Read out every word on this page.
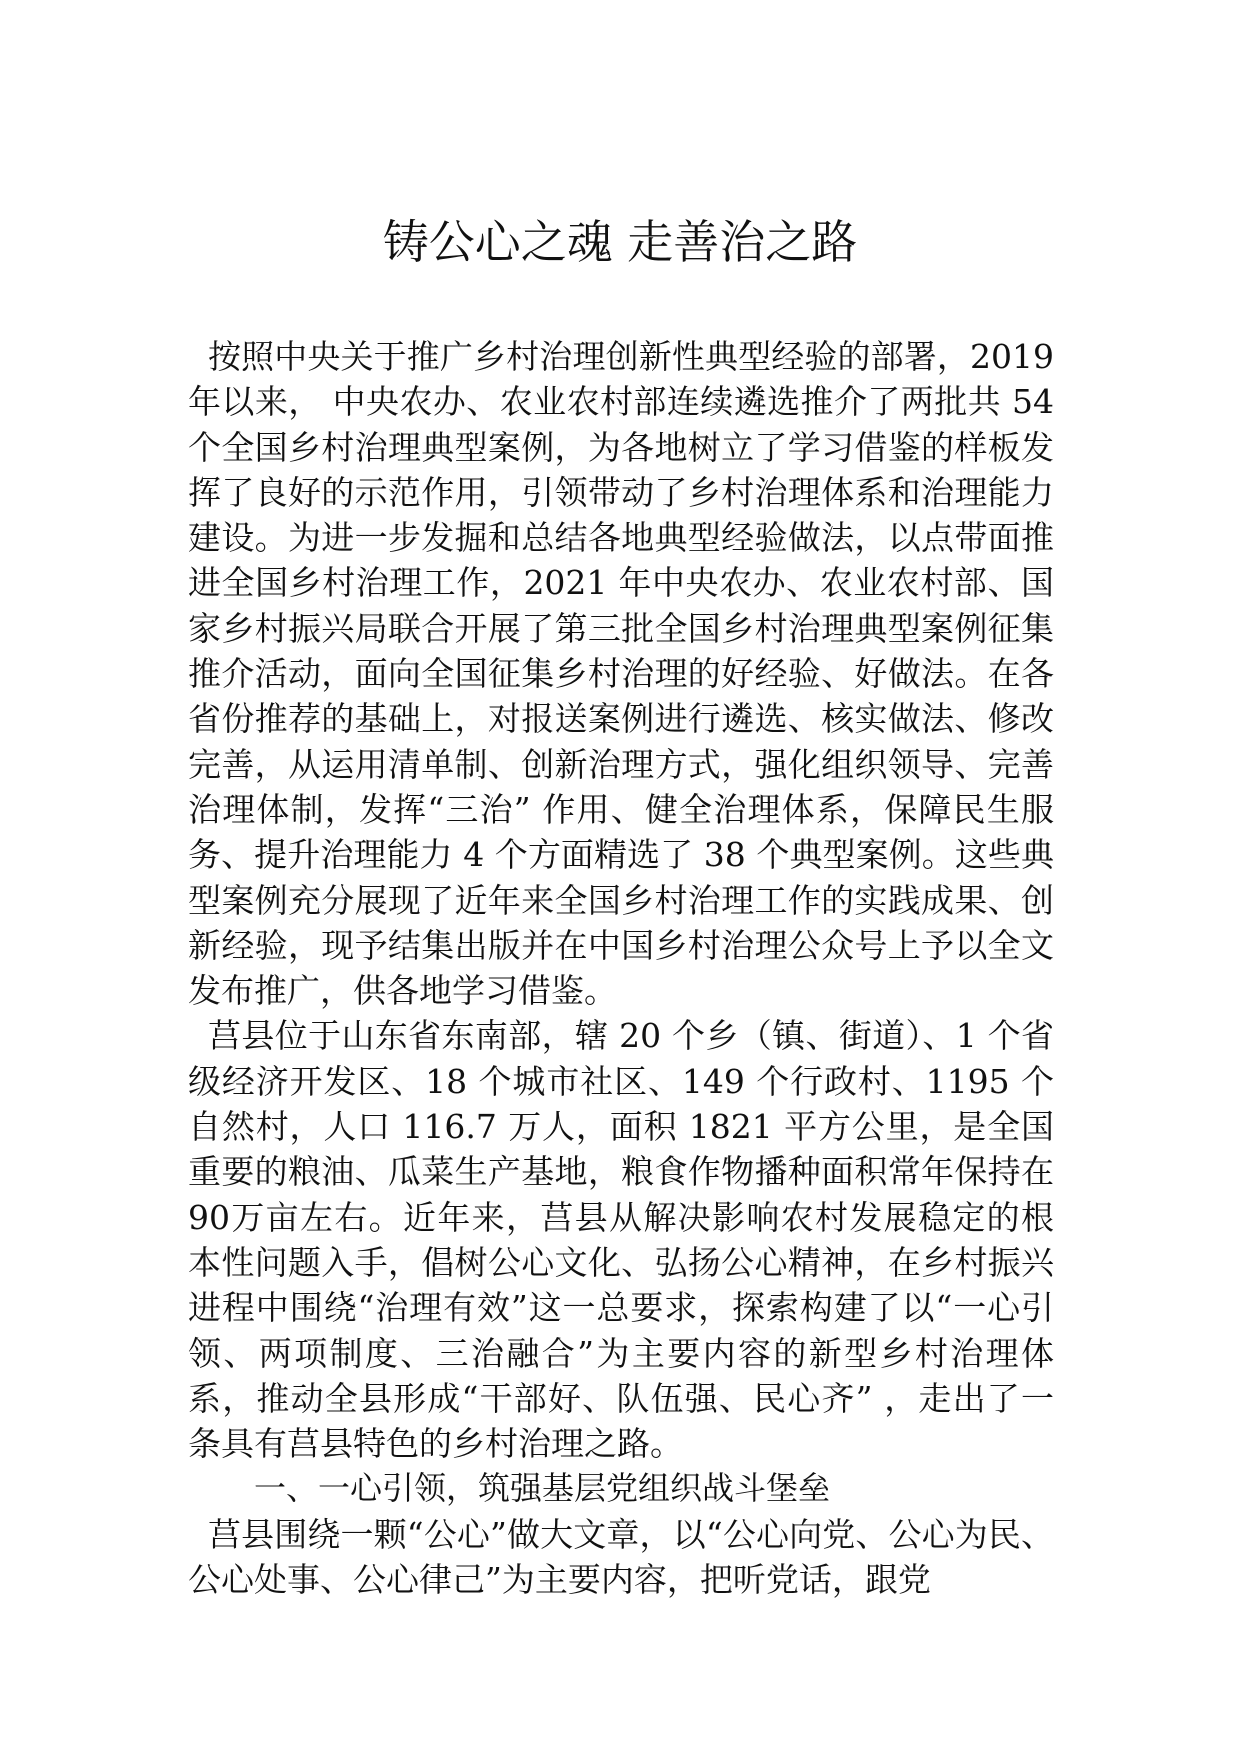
铸公心之魂 走善治之路

按照中央关于推广乡村治理创新性典型经验的部署，2019年以来， 中央农办、农业农村部连续遴选推介了两批共 54个全国乡村治理典型案例，为各地树立了学习借鉴的样板发挥了良好的示范作用，引领带动了乡村治理体系和治理能力建设。为进一步发掘和总结各地典型经验做法，以点带面推进全国乡村治理工作，2021 年中央农办、农业农村部、国家乡村振兴局联合开展了第三批全国乡村治理典型案例征集推介活动，面向全国征集乡村治理的好经验、好做法。在各省份推荐的基础上，对报送案例进行遴选、核实做法、修改完善，从运用清单制、创新治理方式，强化组织领导、完善治理体制，发挥“三治” 作用、健全治理体系，保障民生服务、提升治理能力 4 个方面精选了 38 个典型案例。这些典型案例充分展现了近年来全国乡村治理工作的实践成果、创新经验，现予结集出版并在中国乡村治理公众号上予以全文发布推广，供各地学习借鉴。

莒县位于山东省东南部，辖 20 个乡（镇、街道）、1 个省级经济开发区、18 个城市社区、149 个行政村、1195 个自然村，人口 116.7 万人，面积 1821 平方公里，是全国重要的粮油、瓜菜生产基地，粮食作物播种面积常年保持在 90万亩左右。近年来，莒县从解决影响农村发展稳定的根本性问题入手，倡树公心文化、弘扬公心精神，在乡村振兴进程中围绕“治理有效”这一总要求，探索构建了以“一心引领、两项制度、三治融合”为主要内容的新型乡村治理体系，推动全县形成“干部好、队伍强、民心齐” ，走出了一条具有莒县特色的乡村治理之路。

一、一心引领，筑强基层党组织战斗堡垒

莒县围绕一颗“公心”做大文章，以“公心向党、公心为民、公心处事、公心律己”为主要内容，把听党话，跟党
